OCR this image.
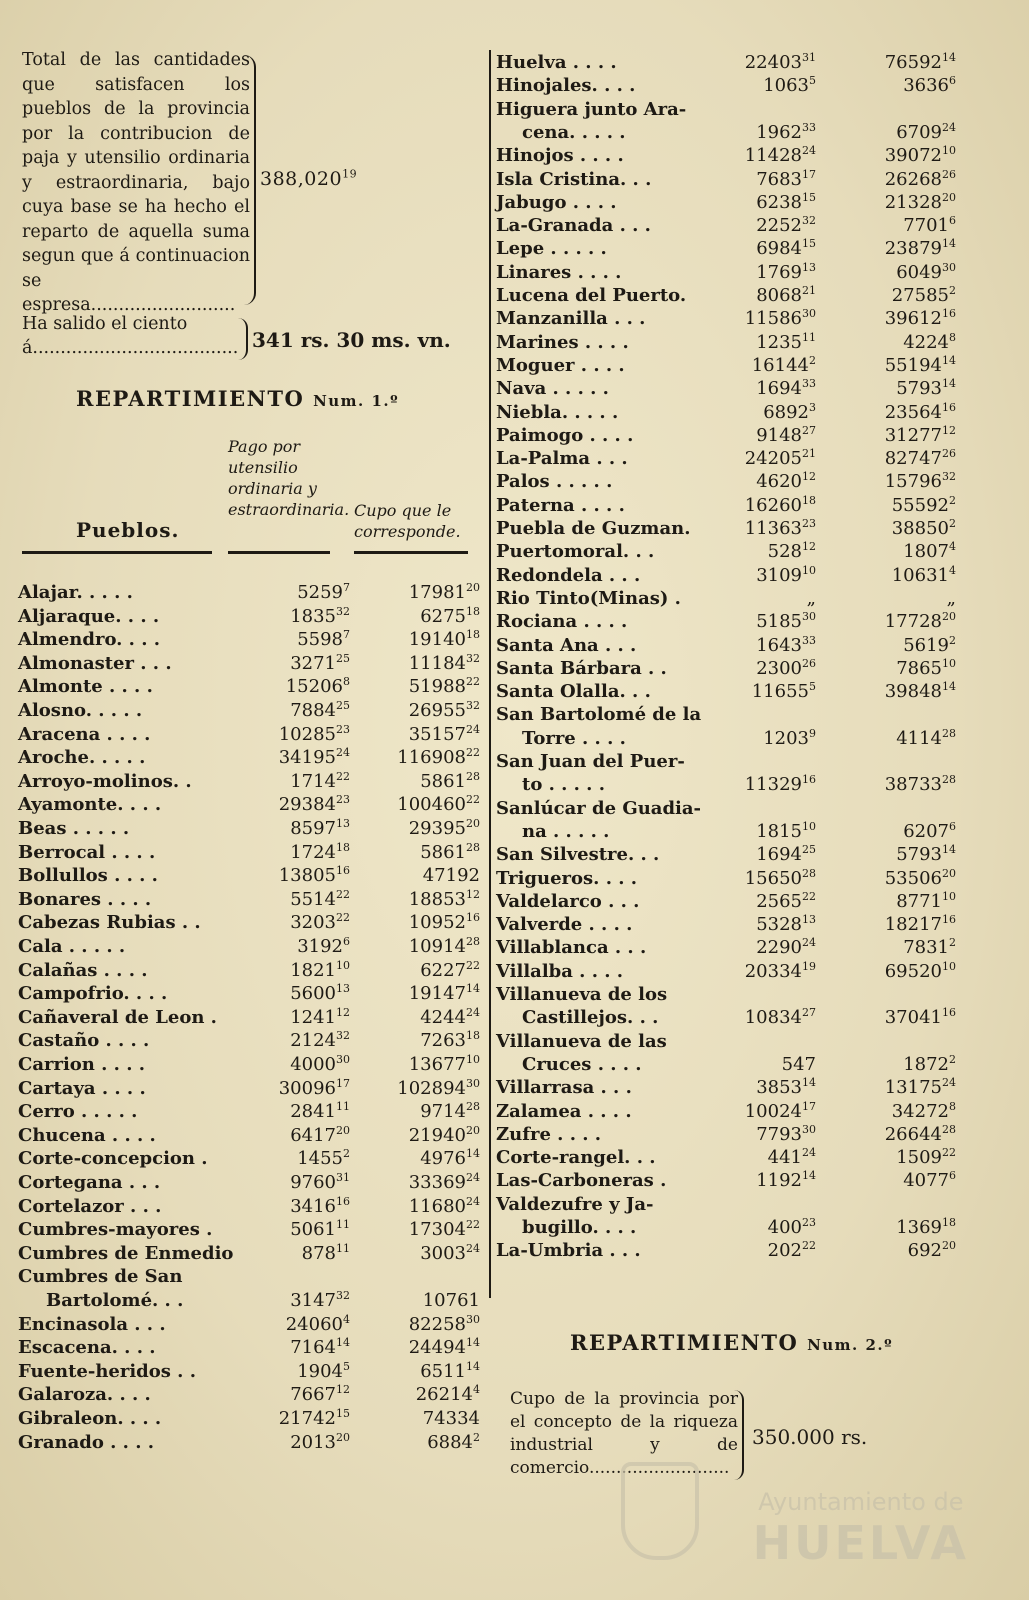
Total de las cantidades que satisfacen los pueblos de la provincia por la contribucion de paja y utensilio ordinaria y estraordinaria, bajo cuya base se ha hecho el reparto de aquella suma segun que á continuacion se espresa..........................
388,020$^{19}$
Ha salido el ciento á..................................... 341 rs. 30 ms. vn.
REPARTIMIENTO Num. 1.º
Pueblos.
Pago por utensilio ordinaria y estraordinaria. Cupo que le corresponde.
Alajar. . . . .	5259$^7$	17981$^{20}$
Aljaraque. . . .	1835$^{32}$	6275$^{18}$
Almendro. . . .	5598$^7$	19140$^{18}$
Almonaster . . .	3271$^{25}$	11184$^{32}$
Almonte . . . .	15206$^8$	51988$^{22}$
Alosno. . . . .	7884$^{25}$	26955$^{32}$
Aracena . . . .	10285$^{23}$	35157$^{24}$
Aroche. . . . .	34195$^{24}$	116908$^{22}$
Arroyo-molinos. .	1714$^{22}$	5861$^{28}$
Ayamonte. . . .	29384$^{23}$	100460$^{22}$
Beas . . . . .	8597$^{13}$	29395$^{20}$
Berrocal . . . .	1724$^{18}$	5861$^{28}$
Bollullos . . . .	13805$^{16}$	47192
Bonares . . . .	5514$^{22}$	18853$^{12}$
Cabezas Rubias . .	3203$^{22}$	10952$^{16}$
Cala . . . . .	3192$^6$	10914$^{28}$
Calañas . . . .	1821$^{10}$	6227$^{22}$
Campofrio. . . .	5600$^{13}$	19147$^{14}$
Cañaveral de Leon .	1241$^{12}$	4244$^{24}$
Castaño . . . .	2124$^{32}$	7263$^{18}$
Carrion . . . .	4000$^{30}$	13677$^{10}$
Cartaya . . . .	30096$^{17}$	102894$^{30}$
Cerro . . . . .	2841$^{11}$	9714$^{28}$
Chucena . . . .	6417$^{20}$	21940$^{20}$
Corte-concepcion .	1455$^2$	4976$^{14}$
Cortegana . . .	9760$^{31}$	33369$^{24}$
Cortelazor . . .	3416$^{16}$	11680$^{24}$
Cumbres-mayores .	5061$^{11}$	17304$^{22}$
Cumbres de Enmedio	$878^{11}$	3003$^{24}$
Cumbres de San
Bartolomé. . .	3147$^{32}$	10761
Encinasola . . .	24060$^4$	82258$^{30}$
Escacena. . . .	7164$^{14}$	24494$^{14}$
Fuente-heridos . .	1904$^5$	6511$^{14}$
Galaroza. . . .	7667$^{12}$	26214$^4$
Gibraleon. . . .	21742$^{15}$	74334
Granado . . . .	2013$^{20}$	6884$^2$
Huelva . . . .	22403$^{31}$	76592$^{14}$
Hinojales. . . .	1063$^5$	3636$^6$
Higuera junto Ara-
cena. . . . .	1962$^{33}$	6709$^{24}$
Hinojos . . . .	11428$^{24}$	39072$^{10}$
Isla Cristina. . .	7683$^{17}$	26268$^{26}$
Jabugo . . . .	6238$^{15}$	21328$^{20}$
La-Granada . . .	2252$^{32}$	7701$^6$
Lepe . . . . .	6984$^{15}$	23879$^{14}$
Linares . . . .	1769$^{13}$	6049$^{30}$
Lucena del Puerto.	8068$^{21}$	27585$^2$
Manzanilla . . .	11586$^{30}$	39612$^{16}$
Marines . . . .	1235$^{11}$	4224$^8$
Moguer . . . .	16144$^2$	55194$^{14}$
Nava . . . . .	1694$^{33}$	5793$^{14}$
Niebla. . . . .	6892$^3$	23564$^{16}$
Paimogo . . . .	9148$^{27}$	31277$^{12}$
La-Palma . . .	24205$^{21}$	82747$^{26}$
Palos . . . . .	4620$^{12}$	15796$^{32}$
Paterna . . . .	16260$^{18}$	55592$^2$
Puebla de Guzman.	11363$^{23}$	38850$^2$
Puertomoral. . .	$528^{12}$	1807$^4$
Redondela . . .	3109$^{10}$	10631$^4$
Rio Tinto(Minas) .	„	„
Rociana . . . .	5185$^{30}$	17728$^{20}$
Santa Ana . . .	1643$^{33}$	5619$^2$
Santa Bárbara . .	2300$^{26}$	7865$^{10}$
Santa Olalla. . .	11655$^5$	39848$^{14}$
San Bartolomé de la
Torre . . . .	1203$^9$	4114$^{28}$
San Juan del Puer-
to . . . . .	11329$^{16}$	38733$^{28}$
Sanlúcar de Guadia-
na . . . . .	1815$^{10}$	6207$^6$
San Silvestre. . .	1694$^{25}$	5793$^{14}$
Trigueros. . . .	15650$^{28}$	53506$^{20}$
Valdelarco . . .	2565$^{22}$	8771$^{10}$
Valverde . . . .	5328$^{13}$	18217$^{16}$
Villablanca . . .	2290$^{24}$	7831$^2$
Villalba . . . .	20334$^{19}$	69520$^{10}$
Villanueva de los
Castillejos. . .	10834$^{27}$	37041$^{16}$
Villanueva de las
Cruces . . . .	547	1872$^2$
Villarrasa . . .	3853$^{14}$	13175$^{24}$
Zalamea . . . .	10024$^{17}$	34272$^8$
Zufre . . . .	7793$^{30}$	26644$^{28}$
Corte-rangel. . .	$441^{24}$	1509$^{22}$
Las-Carboneras .	1192$^{14}$	4077$^6$
Valdezufre y Ja-
bugillo. . . .	$400^{23}$	1369$^{18}$
La-Umbria . . .	$202^{22}$	$692^{20}$
REPARTIMIENTO Num. 2.º
Cupo de la provincia por el concepto de la riqueza industrial y de comercio..........................
350.000 rs.
Ayuntamiento de
HUELVA
